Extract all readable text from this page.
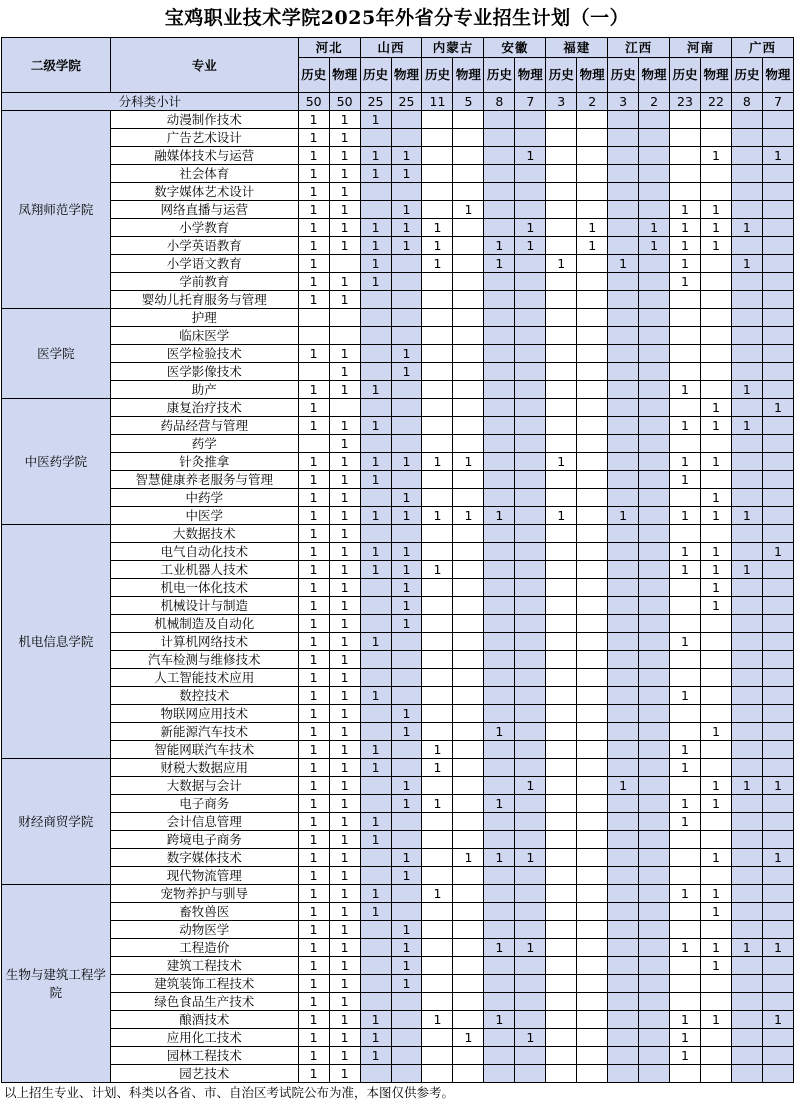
宝鸡职业技术学院2025年外省分专业招生计划（一）
二级学院	专业	河北		山西		内蒙古		安徽		福建		江西		河南		广西	
		历史	物理	历史	物理	历史	物理	历史	物理	历史	物理	历史	物理	历史	物理	历史	物理
分科类小计		50	50	25	25	11	5	8	7	3	2	3	2	23	22	8	7
凤翔师范学院	动漫制作技术	1	1	1													
	广告艺术设计	1	1														
	融媒体技术与运营	1	1	1	1				1						1		1
	社会体育	1	1	1	1												
	数字媒体艺术设计	1	1														
	网络直播与运营	1	1		1		1							1	1		
	小学教育	1	1	1	1	1			1		1		1	1	1	1	
	小学英语教育	1	1	1	1	1		1	1		1		1	1	1		
	小学语文教育	1		1		1		1		1		1		1		1	
	学前教育	1	1	1										1			
	婴幼儿托育服务与管理	1	1														
医学院	护理																
	临床医学																
	医学检验技术	1	1		1												
	医学影像技术		1		1												
	助产	1	1	1										1		1	
中医药学院	康复治疗技术	1													1		1
	药品经营与管理	1	1	1										1	1	1	
	药学		1														
	针灸推拿	1	1	1	1	1	1			1				1	1		
	智慧健康养老服务与管理	1	1	1										1			
	中药学	1	1		1										1		
	中医学	1	1	1	1	1	1	1		1		1		1	1	1	
机电信息学院	大数据技术	1	1														
	电气自动化技术	1	1	1	1									1	1		1
	工业机器人技术	1	1	1	1	1								1	1	1	
	机电一体化技术	1	1		1										1		
	机械设计与制造	1	1		1										1		
	机械制造及自动化	1	1		1												
	计算机网络技术	1	1	1										1			
	汽车检测与维修技术	1	1														
	人工智能技术应用	1	1														
	数控技术	1	1	1										1			
	物联网应用技术	1	1		1												
	新能源汽车技术	1	1		1			1							1		
	智能网联汽车技术	1	1	1		1								1			
财经商贸学院	财税大数据应用	1	1	1		1								1			
	大数据与会计	1	1		1				1			1			1	1	1
	电子商务	1	1		1	1		1						1	1		
	会计信息管理	1	1	1										1			
	跨境电子商务	1	1	1													
	数字媒体技术	1	1		1		1	1	1						1		1
	现代物流管理	1	1		1												
生物与建筑工程学院	宠物养护与驯导	1	1	1		1								1	1		
	畜牧兽医	1	1	1											1		
	动物医学	1	1		1												
	工程造价	1	1		1			1	1					1	1	1	1
	建筑工程技术	1	1		1										1		
	建筑装饰工程技术	1	1		1												
	绿色食品生产技术	1	1														
	酿酒技术	1	1	1		1		1						1	1		1
	应用化工技术	1	1	1			1		1					1			
	园林工程技术	1	1	1										1			
	园艺技术	1	1														
以上招生专业、计划、科类以各省、市、自治区考试院公布为准，本图仅供参考。
